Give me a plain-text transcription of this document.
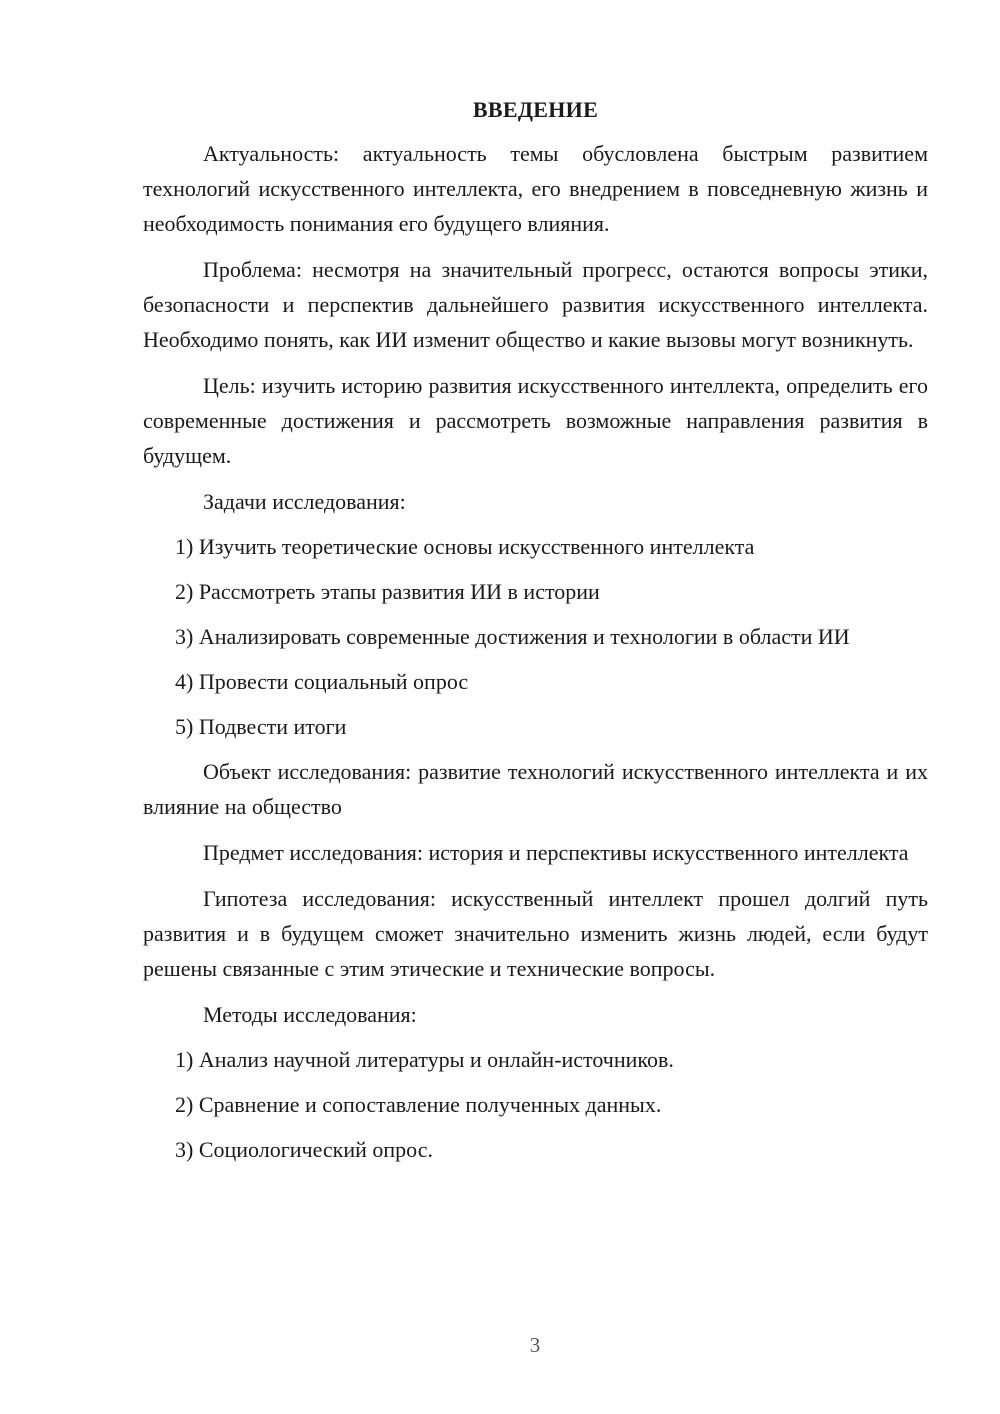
ВВЕДЕНИЕ

Актуальность: актуальность темы обусловлена быстрым развитием технологий искусственного интеллекта, его внедрением в повседневную жизнь и необходимость понимания его будущего влияния.

Проблема: несмотря на значительный прогресс, остаются вопросы этики, безопасности и перспектив дальнейшего развития искусственного интеллекта. Необходимо понять, как ИИ изменит общество и какие вызовы могут возникнуть.

Цель: изучить историю развития искусственного интеллекта, определить его современные достижения и рассмотреть возможные направления развития в будущем.

Задачи исследования:

1) Изучить теоретические основы искусственного интеллекта

2) Рассмотреть этапы развития ИИ в истории

3) Анализировать современные достижения и технологии в области ИИ

4) Провести социальный опрос

5) Подвести итоги

Объект исследования: развитие технологий искусственного интеллекта и их влияние на общество

Предмет исследования: история и перспективы искусственного интеллекта

Гипотеза исследования: искусственный интеллект прошел долгий путь развития и в будущем сможет значительно изменить жизнь людей, если будут решены связанные с этим этические и технические вопросы.

Методы исследования:

1) Анализ научной литературы и онлайн-источников.

2) Сравнение и сопоставление полученных данных.

3) Социологический опрос.

3
